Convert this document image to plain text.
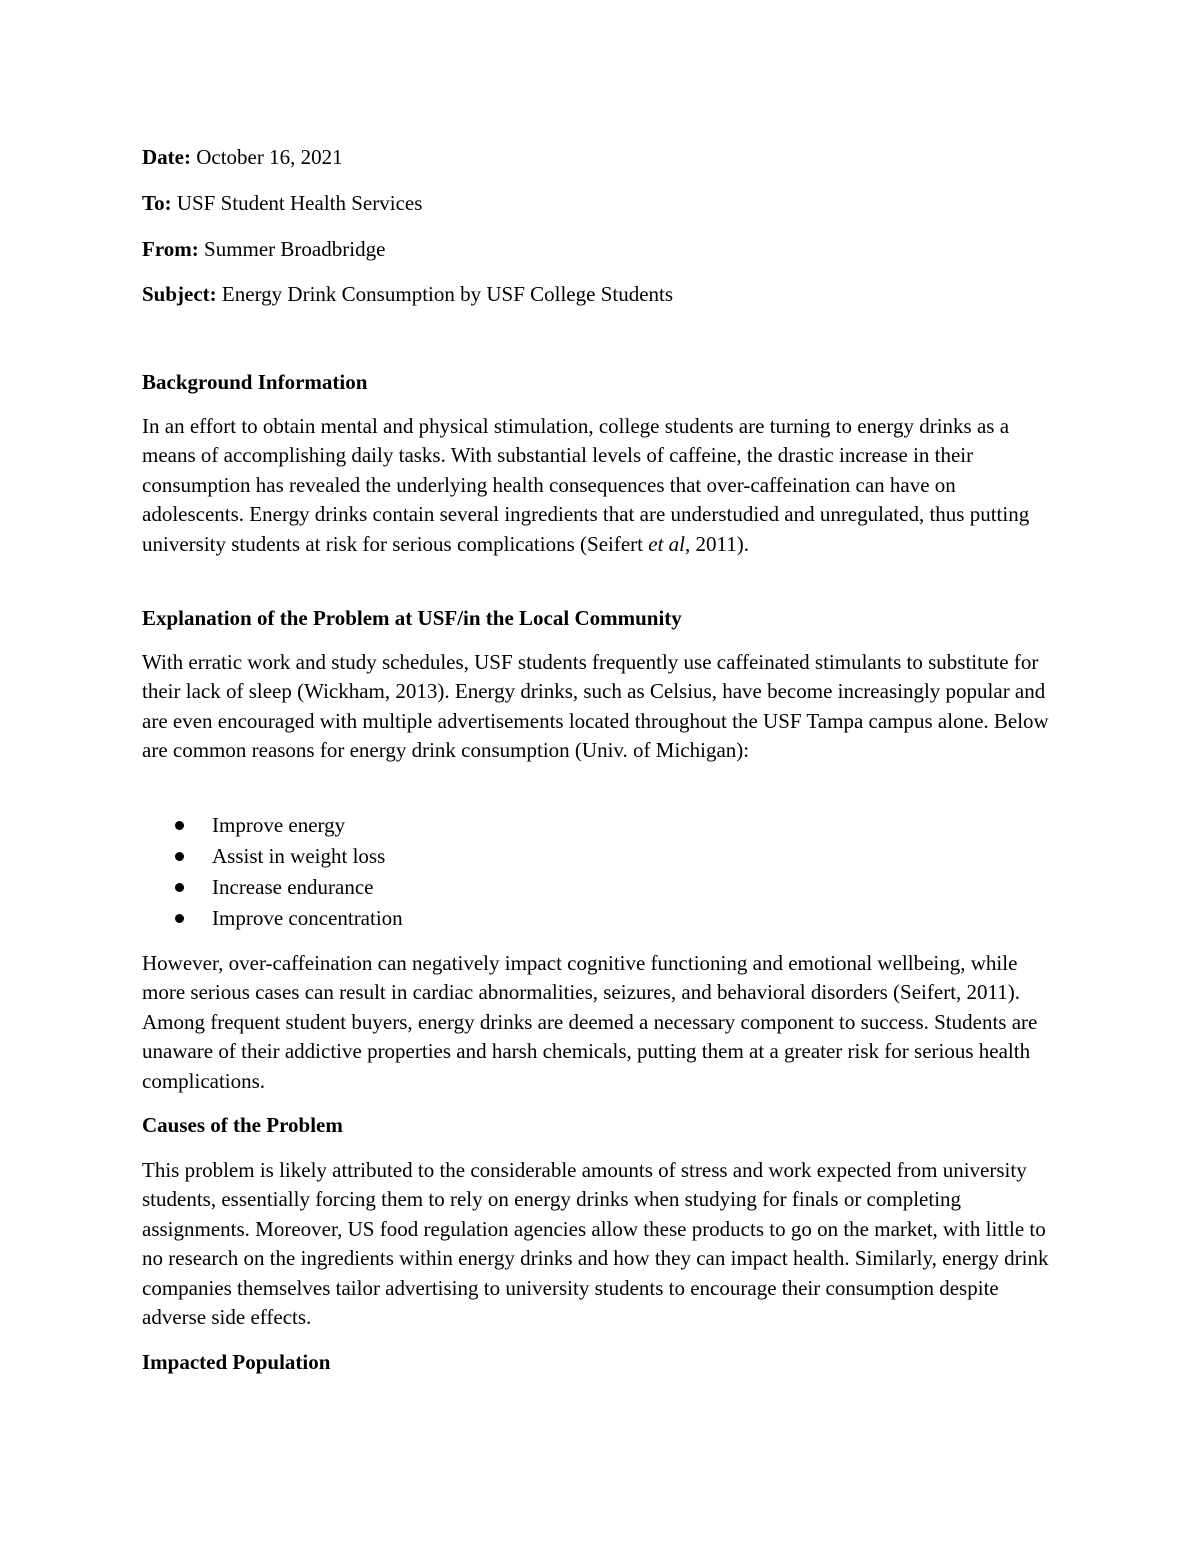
Date: October 16, 2021
To: USF Student Health Services
From: Summer Broadbridge
Subject: Energy Drink Consumption by USF College Students
Background Information

In an effort to obtain mental and physical stimulation, college students are turning to energy drinks as a means of accomplishing daily tasks. With substantial levels of caffeine, the drastic increase in their consumption has revealed the underlying health consequences that over-caffeination can have on adolescents. Energy drinks contain several ingredients that are understudied and unregulated, thus putting university students at risk for serious complications (Seifert et al, 2011).

Explanation of the Problem at USF/in the Local Community

With erratic work and study schedules, USF students frequently use caffeinated stimulants to substitute for their lack of sleep (Wickham, 2013). Energy drinks, such as Celsius, have become increasingly popular and are even encouraged with multiple advertisements located throughout the USF Tampa campus alone. Below are common reasons for energy drink consumption (Univ. of Michigan):

Improve energy
Assist in weight loss
Increase endurance
Improve concentration

However, over-caffeination can negatively impact cognitive functioning and emotional wellbeing, while more serious cases can result in cardiac abnormalities, seizures, and behavioral disorders (Seifert, 2011). Among frequent student buyers, energy drinks are deemed a necessary component to success. Students are unaware of their addictive properties and harsh chemicals, putting them at a greater risk for serious health complications.

Causes of the Problem

This problem is likely attributed to the considerable amounts of stress and work expected from university students, essentially forcing them to rely on energy drinks when studying for finals or completing assignments. Moreover, US food regulation agencies allow these products to go on the market, with little to no research on the ingredients within energy drinks and how they can impact health. Similarly, energy drink companies themselves tailor advertising to university students to encourage their consumption despite adverse side effects.

Impacted Population
